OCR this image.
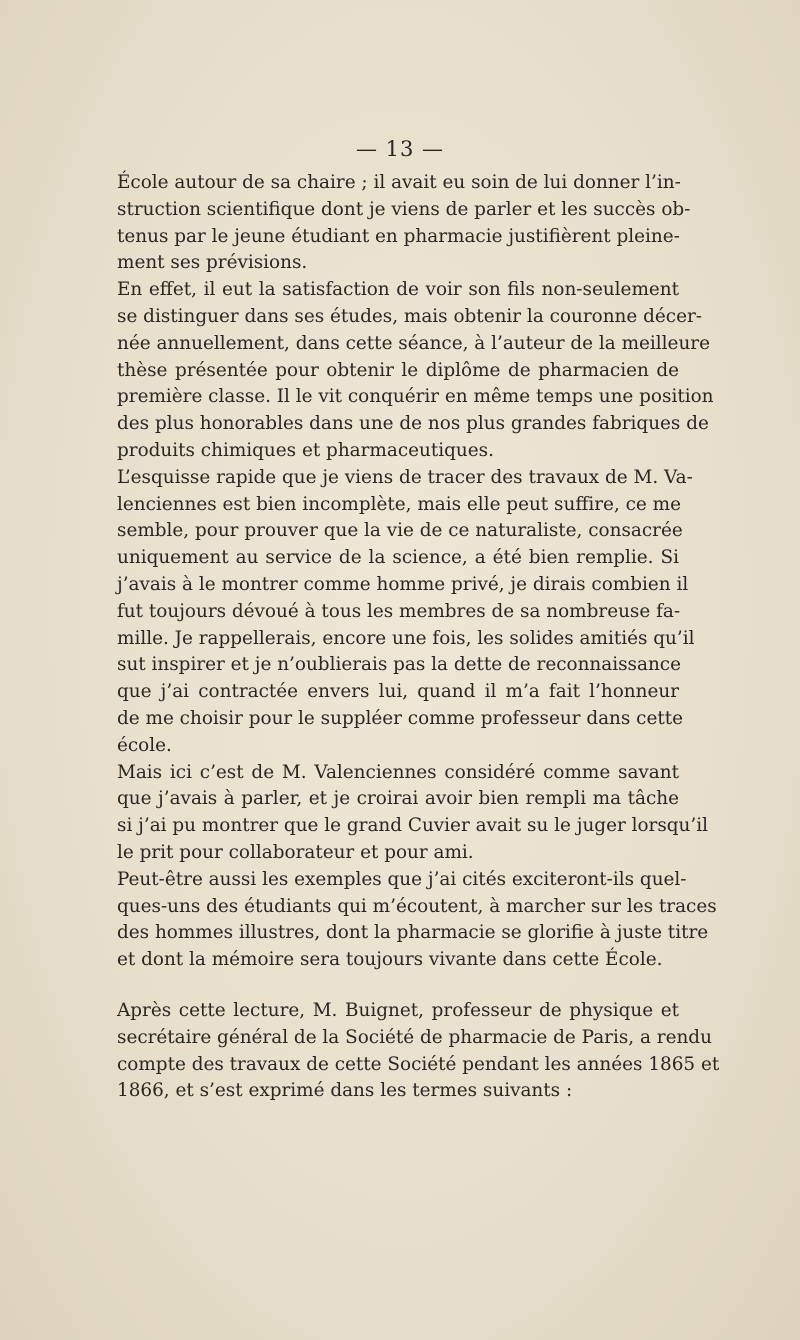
— 13 —
École autour de sa chaire ; il avait eu soin de lui donner l’in-
struction scientifique dont je viens de parler et les succès ob-
tenus par le jeune étudiant en pharmacie justifièrent pleine-
ment ses prévisions.
En effet, il eut la satisfaction de voir son fils non-seulement
se distinguer dans ses études, mais obtenir la couronne décer-
née annuellement, dans cette séance, à l’auteur de la meilleure
thèse présentée pour obtenir le diplôme de pharmacien de
première classe. Il le vit conquérir en même temps une position
des plus honorables dans une de nos plus grandes fabriques de
produits chimiques et pharmaceutiques.
L’esquisse rapide que je viens de tracer des travaux de M. Va-
lenciennes est bien incomplète, mais elle peut suffire, ce me
semble, pour prouver que la vie de ce naturaliste, consacrée
uniquement au service de la science, a été bien remplie. Si
j’avais à le montrer comme homme privé, je dirais combien il
fut toujours dévoué à tous les membres de sa nombreuse fa-
mille. Je rappellerais, encore une fois, les solides amitiés qu’il
sut inspirer et je n’oublierais pas la dette de reconnaissance
que j’ai contractée envers lui, quand il m’a fait l’honneur
de me choisir pour le suppléer comme professeur dans cette
école.
Mais ici c’est de M. Valenciennes considéré comme savant
que j’avais à parler, et je croirai avoir bien rempli ma tâche
si j’ai pu montrer que le grand Cuvier avait su le juger lorsqu’il
le prit pour collaborateur et pour ami.
Peut-être aussi les exemples que j’ai cités exciteront-ils quel-
ques-uns des étudiants qui m’écoutent, à marcher sur les traces
des hommes illustres, dont la pharmacie se glorifie à juste titre
et dont la mémoire sera toujours vivante dans cette École.
Après cette lecture, M. Buignet, professeur de physique et
secrétaire général de la Société de pharmacie de Paris, a rendu
compte des travaux de cette Société pendant les années 1865 et
1866, et s’est exprimé dans les termes suivants :
